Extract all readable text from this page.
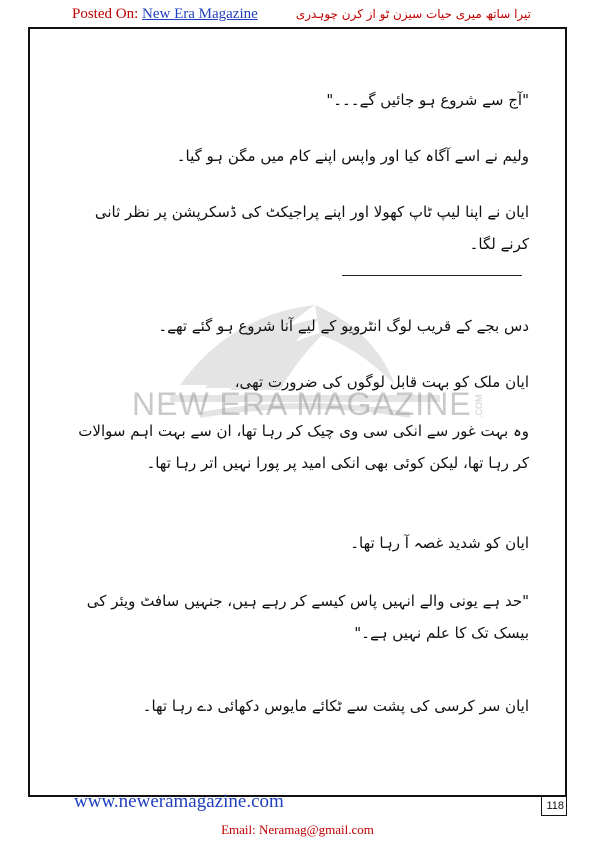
Posted On: New Era Magazine	تیرا ساتھ میری حیات سیزن ٹو از کرن چوہدری
NEW ERA MAGAZINE .COM
"آج سے شروع ہو جائیں گے۔۔۔"
ولیم نے اسے آگاہ کیا اور واپس اپنے کام میں مگن ہو گیا۔
ایان نے اپنا لیپ ٹاپ کھولا اور اپنے پراجیکٹ کی ڈسکرپشن پر نظر ثانی کرنے لگا۔
دس بجے کے قریب لوگ انٹرویو کے لیے آنا شروع ہو گئے تھے۔
ایان ملک کو بہت قابل لوگوں کی ضرورت تھی،
وہ بہت غور سے انکی سی وی چیک کر رہا تھا، ان سے بہت اہم سوالات کر رہا تھا، لیکن کوئی بھی انکی امید پر پورا نہیں اتر رہا تھا۔
ایان کو شدید غصہ آ رہا تھا۔
"حد ہے یونی والے انہیں پاس کیسے کر رہے ہیں، جنہیں سافٹ ویئر کی بیسک تک کا علم نہیں ہے۔"
ایان سر کرسی کی پشت سے ٹکائے مایوس دکھائی دے رہا تھا۔
www.neweramagazine.com	118
Email: Neramag@gmail.com
